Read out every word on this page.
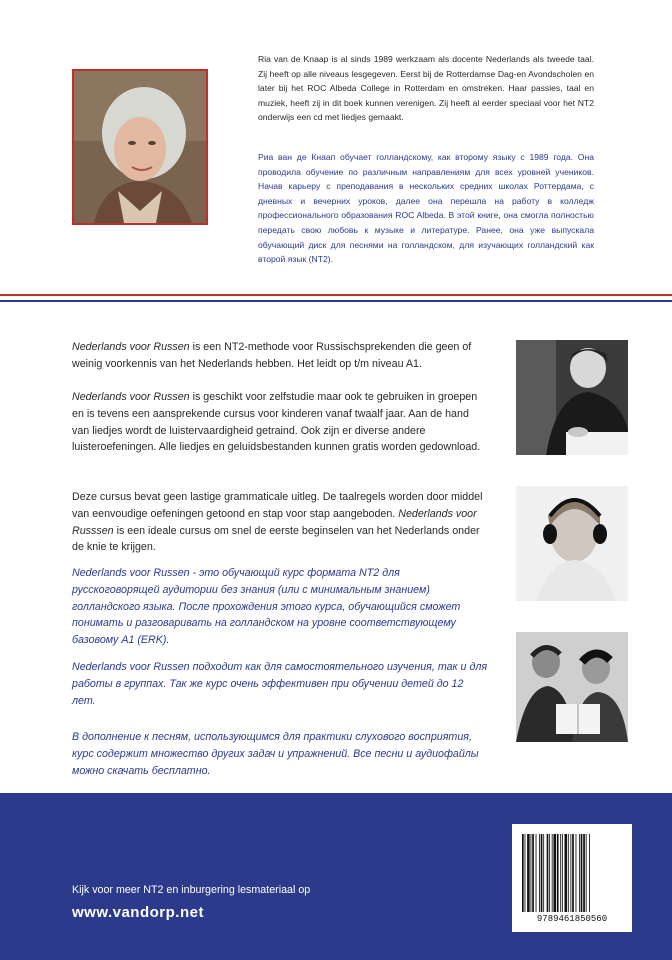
Ria van de Knaap is al sinds 1989 werkzaam als docente Nederlands als tweede taal. Zij heeft op alle niveaus lesgegeven. Eerst bij de Rotterdamse Dag-en Avondscholen en later bij het ROC Albeda College in Rotterdam en omstreken. Haar passies, taal en muziek, heeft zij in dit boek kunnen verenigen. Zij heeft al eerder speciaal voor het NT2 onderwijs een cd met liedjes gemaakt.
Риа ван де Кнаап обучает голландскому, как второму языку с 1989 года. Она проводила обучение по различным направлениям для всех уровней учеников. Начав карьеру с преподавания в нескольких средних школах Роттердама, с дневных и вечерних уроков, далее она перешла на работу в колледж профессионального образования ROC Albeda. В этой книге, она смогла полностью передать свою любовь к музыке и литературе. Ранее, она уже выпускала обучающий диск для песнями на голландском, для изучающих голландский как второй язык (NT2).

Nederlands voor Russen is een NT2-methode voor Russischsprekenden die geen of weinig voorkennis van het Nederlands hebben. Het leidt op t/m niveau A1.

Nederlands voor Russen is geschikt voor zelfstudie maar ook te gebruiken in groepen en is tevens een aansprekende cursus voor kinderen vanaf twaalf jaar. Aan de hand van liedjes wordt de luistervaardigheid getraind. Ook zijn er diverse andere luisteroefeningen. Alle liedjes en geluidsbestanden kunnen gratis worden gedownload.

Deze cursus bevat geen lastige grammaticale uitleg. De taalregels worden door middel van eenvoudige oefeningen getoond en stap voor stap aangeboden. Nederlands voor Russsen is een ideale cursus om snel de eerste beginselen van het Nederlands onder de knie te krijgen.

Nederlands voor Russen - это обучающий курс формата NT2 для русскоговорящей аудитории без знания (или с минимальным знанием) голландского языка. После прохождения этого курса, обучающийся сможет понимать и разговаривать на голландском на уровне соответствующему базовому A1 (ERK).
Nederlands voor Russen подходит как для самостоятельного изучения, так и для работы в группах. Так же курс очень эффективен при обучении детей до 12 лет.
В дополнение к песням, использующимся для практики слухового восприятия, курс содержит множество других задач и упражнений. Все песни и аудиофайлы можно скачать бесплатно.
Kijk voor meer NT2 en inburgering lesmateriaal op
www.vandorp.net	9789461850560
